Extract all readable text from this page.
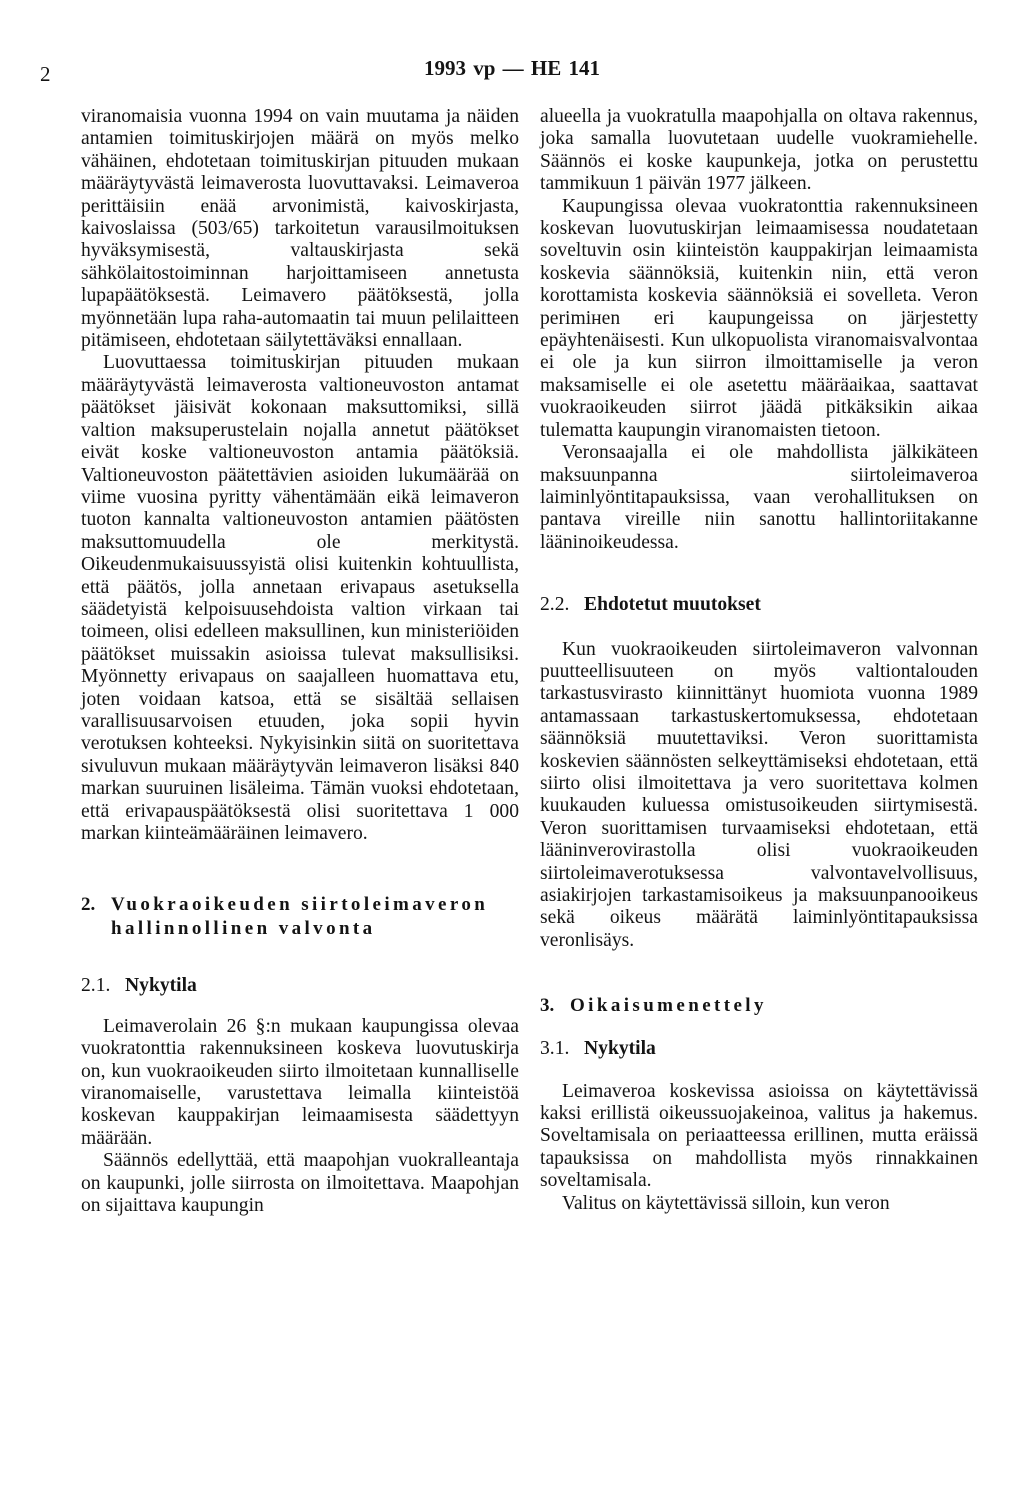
2	1993 vp — HE 141

viranomaisia vuonna 1994 on vain muutama ja näiden antamien toimituskirjojen määrä on myös melko vähäinen, ehdotetaan toimituskirjan pituuden mukaan määräytyvästä leimaverosta luovuttavaksi. Leimaveroa perittäisiin enää arvonimistä, kaivoskirjasta, kaivoslaissa (503/65) tarkoitetun varausilmoituksen hyväksymisestä, valtauskirjasta sekä sähkölaitostoiminnan harjoittamiseen annetusta lupapäätöksestä. Leimavero päätöksestä, jolla myönnetään lupa raha-automaatin tai muun pelilaitteen pitämiseen, ehdotetaan säilytettäväksi ennallaan.

Luovuttaessa toimituskirjan pituuden mukaan määräytyvästä leimaverosta valtioneuvoston antamat päätökset jäisivät kokonaan maksuttomiksi, sillä valtion maksuperustelain nojalla annetut päätökset eivät koske valtioneuvoston antamia päätöksiä. Valtioneuvoston päätettävien asioiden lukumäärää on viime vuosina pyritty vähentämään eikä leimaveron tuoton kannalta valtioneuvoston antamien päätösten maksuttomuudella ole merkitystä. Oikeudenmukaisuussyistä olisi kuitenkin kohtuullista, että päätös, jolla annetaan erivapaus asetuksella säädetyistä kelpoisuusehdoista valtion virkaan tai toimeen, olisi edelleen maksullinen, kun ministeriöiden päätökset muissakin asioissa tulevat maksullisiksi. Myönnetty erivapaus on saajalleen huomattava etu, joten voidaan katsoa, että se sisältää sellaisen varallisuusarvoisen etuuden, joka sopii hyvin verotuksen kohteeksi. Nykyisinkin siitä on suoritettava sivuluvun mukaan määräytyvän leimaveron lisäksi 840 markan suuruinen lisäleima. Tämän vuoksi ehdotetaan, että erivapauspäätöksestä olisi suoritettava 1 000 markan kiinteämääräinen leimavero.

2. Vuokraoikeuden siirtoleimaveron
hallinnollinen valvonta
2.1. Nykytila

Leimaverolain 26 §:n mukaan kaupungissa olevaa vuokratonttia rakennuksineen koskeva luovutuskirja on, kun vuokraoikeuden siirto ilmoitetaan kunnalliselle viranomaiselle, varustettava leimalla kiinteistöä koskevan kauppakirjan leimaamisesta säädettyyn määrään.

Säännös edellyttää, että maapohjan vuokralleantaja on kaupunki, jolle siirrosta on ilmoitettava. Maapohjan on sijaittava kaupungin

alueella ja vuokratulla maapohjalla on oltava rakennus, joka samalla luovutetaan uudelle vuokramiehelle. Säännös ei koske kaupunkeja, jotka on perustettu tammikuun 1 päivän 1977 jälkeen.

Kaupungissa olevaa vuokratonttia rakennuksineen koskevan luovutuskirjan leimaamisessa noudatetaan soveltuvin osin kiinteistön kauppakirjan leimaamista koskevia säännöksiä, kuitenkin niin, että veron korottamista koskevia säännöksiä ei sovelleta. Veron perimінen eri kaupungeissa on järjestetty epäyhtenäisesti. Kun ulkopuolista viranomaisvalvontaa ei ole ja kun siirron ilmoittamiselle ja veron maksamiselle ei ole asetettu määräaikaa, saattavat vuokraoikeuden siirrot jäädä pitkäksikin aikaa tulematta kaupungin viranomaisten tietoon.

Veronsaajalla ei ole mahdollista jälkikäteen maksuunpanna siirtoleimaveroa laiminlyöntitapauksissa, vaan verohallituksen on pantava vireille niin sanottu hallintoriitakanne lääninoikeudessa.

2.2. Ehdotetut muutokset

Kun vuokraoikeuden siirtoleimaveron valvonnan puutteellisuuteen on myös valtiontalouden tarkastusvirasto kiinnittänyt huomiota vuonna 1989 antamassaan tarkastuskertomuksessa, ehdotetaan säännöksiä muutettaviksi. Veron suorittamista koskevien säännösten selkeyttämiseksi ehdotetaan, että siirto olisi ilmoitettava ja vero suoritettava kolmen kuukauden kuluessa omistusoikeuden siirtymisestä. Veron suorittamisen turvaamiseksi ehdotetaan, että lääninverovirastolla olisi vuokraoikeuden siirtoleimaverotuksessa valvontavelvollisuus, asiakirjojen tarkastamisoikeus ja maksuunpanooikeus sekä oikeus määrätä laiminlyöntitapauksissa veronlisäys.

3. Oikaisumenettely
3.1. Nykytila

Leimaveroa koskevissa asioissa on käytettävissä kaksi erillistä oikeussuojakeinoa, valitus ja hakemus. Soveltamisala on periaatteessa erillinen, mutta eräissä tapauksissa on mahdollista myös rinnakkainen soveltamisala.

Valitus on käytettävissä silloin, kun veron
